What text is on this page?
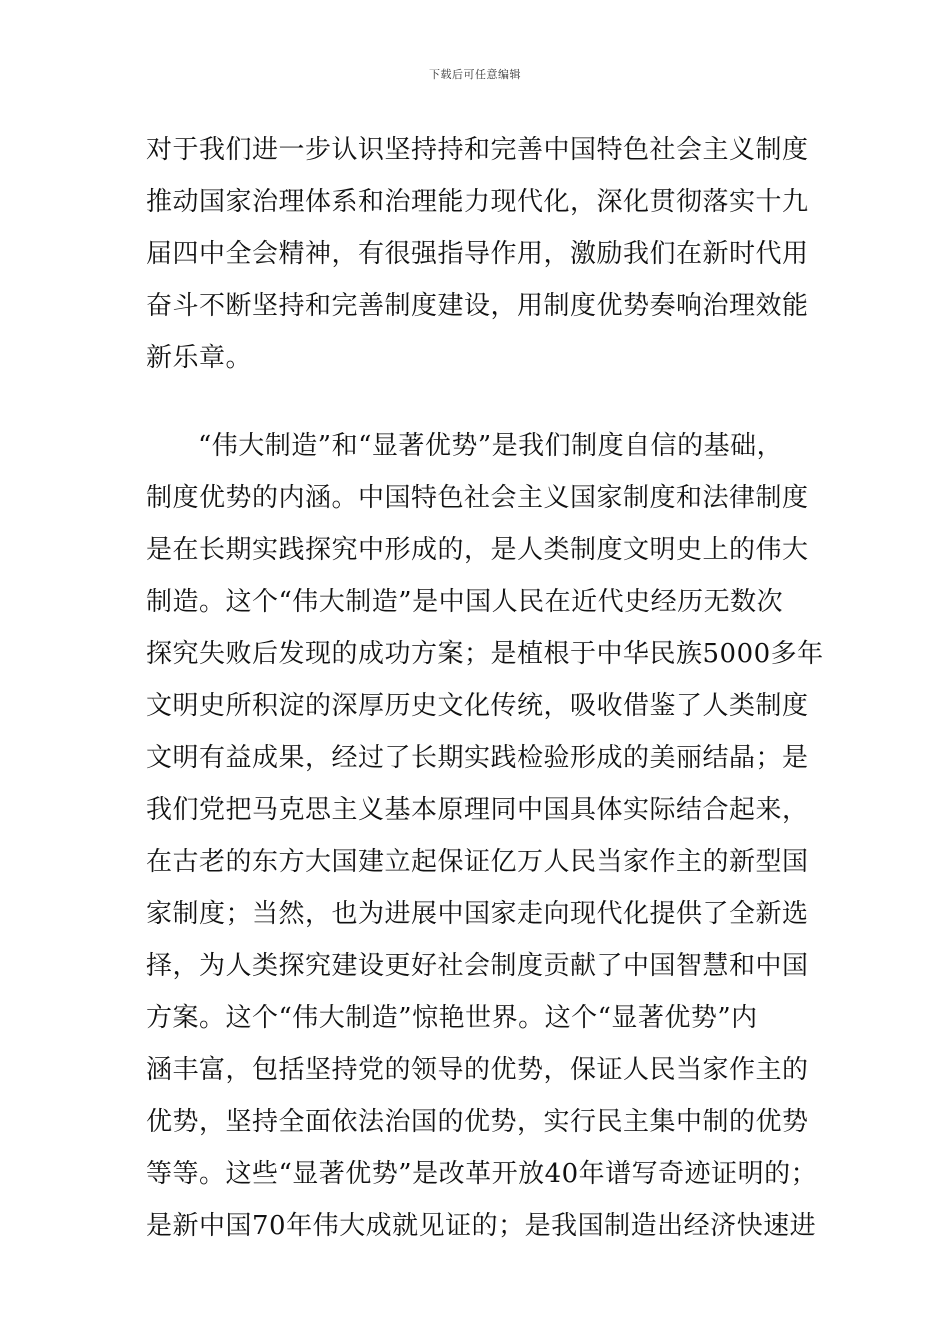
下载后可任意编辑
对于我们进一步认识坚持持和完善中国特色社会主义制度
推动国家治理体系和治理能力现代化，深化贯彻落实十九
届四中全会精神，有很强指导作用，激励我们在新时代用
奋斗不断坚持和完善制度建设，用制度优势奏响治理效能
新乐章。
“伟大制造”和“显著优势”是我们制度自信的基础，
制度优势的内涵。中国特色社会主义国家制度和法律制度
是在长期实践探究中形成的，是人类制度文明史上的伟大
制造。这个“伟大制造”是中国人民在近代史经历无数次
探究失败后发现的成功方案；是植根于中华民族5000多年
文明史所积淀的深厚历史文化传统，吸收借鉴了人类制度
文明有益成果，经过了长期实践检验形成的美丽结晶；是
我们党把马克思主义基本原理同中国具体实际结合起来，
在古老的东方大国建立起保证亿万人民当家作主的新型国
家制度；当然，也为进展中国家走向现代化提供了全新选
择，为人类探究建设更好社会制度贡献了中国智慧和中国
方案。这个“伟大制造”惊艳世界。这个“显著优势”内
涵丰富，包括坚持党的领导的优势，保证人民当家作主的
优势，坚持全面依法治国的优势，实行民主集中制的优势
等等。这些“显著优势”是改革开放40年谱写奇迹证明的；
是新中国70年伟大成就见证的；是我国制造出经济快速进
